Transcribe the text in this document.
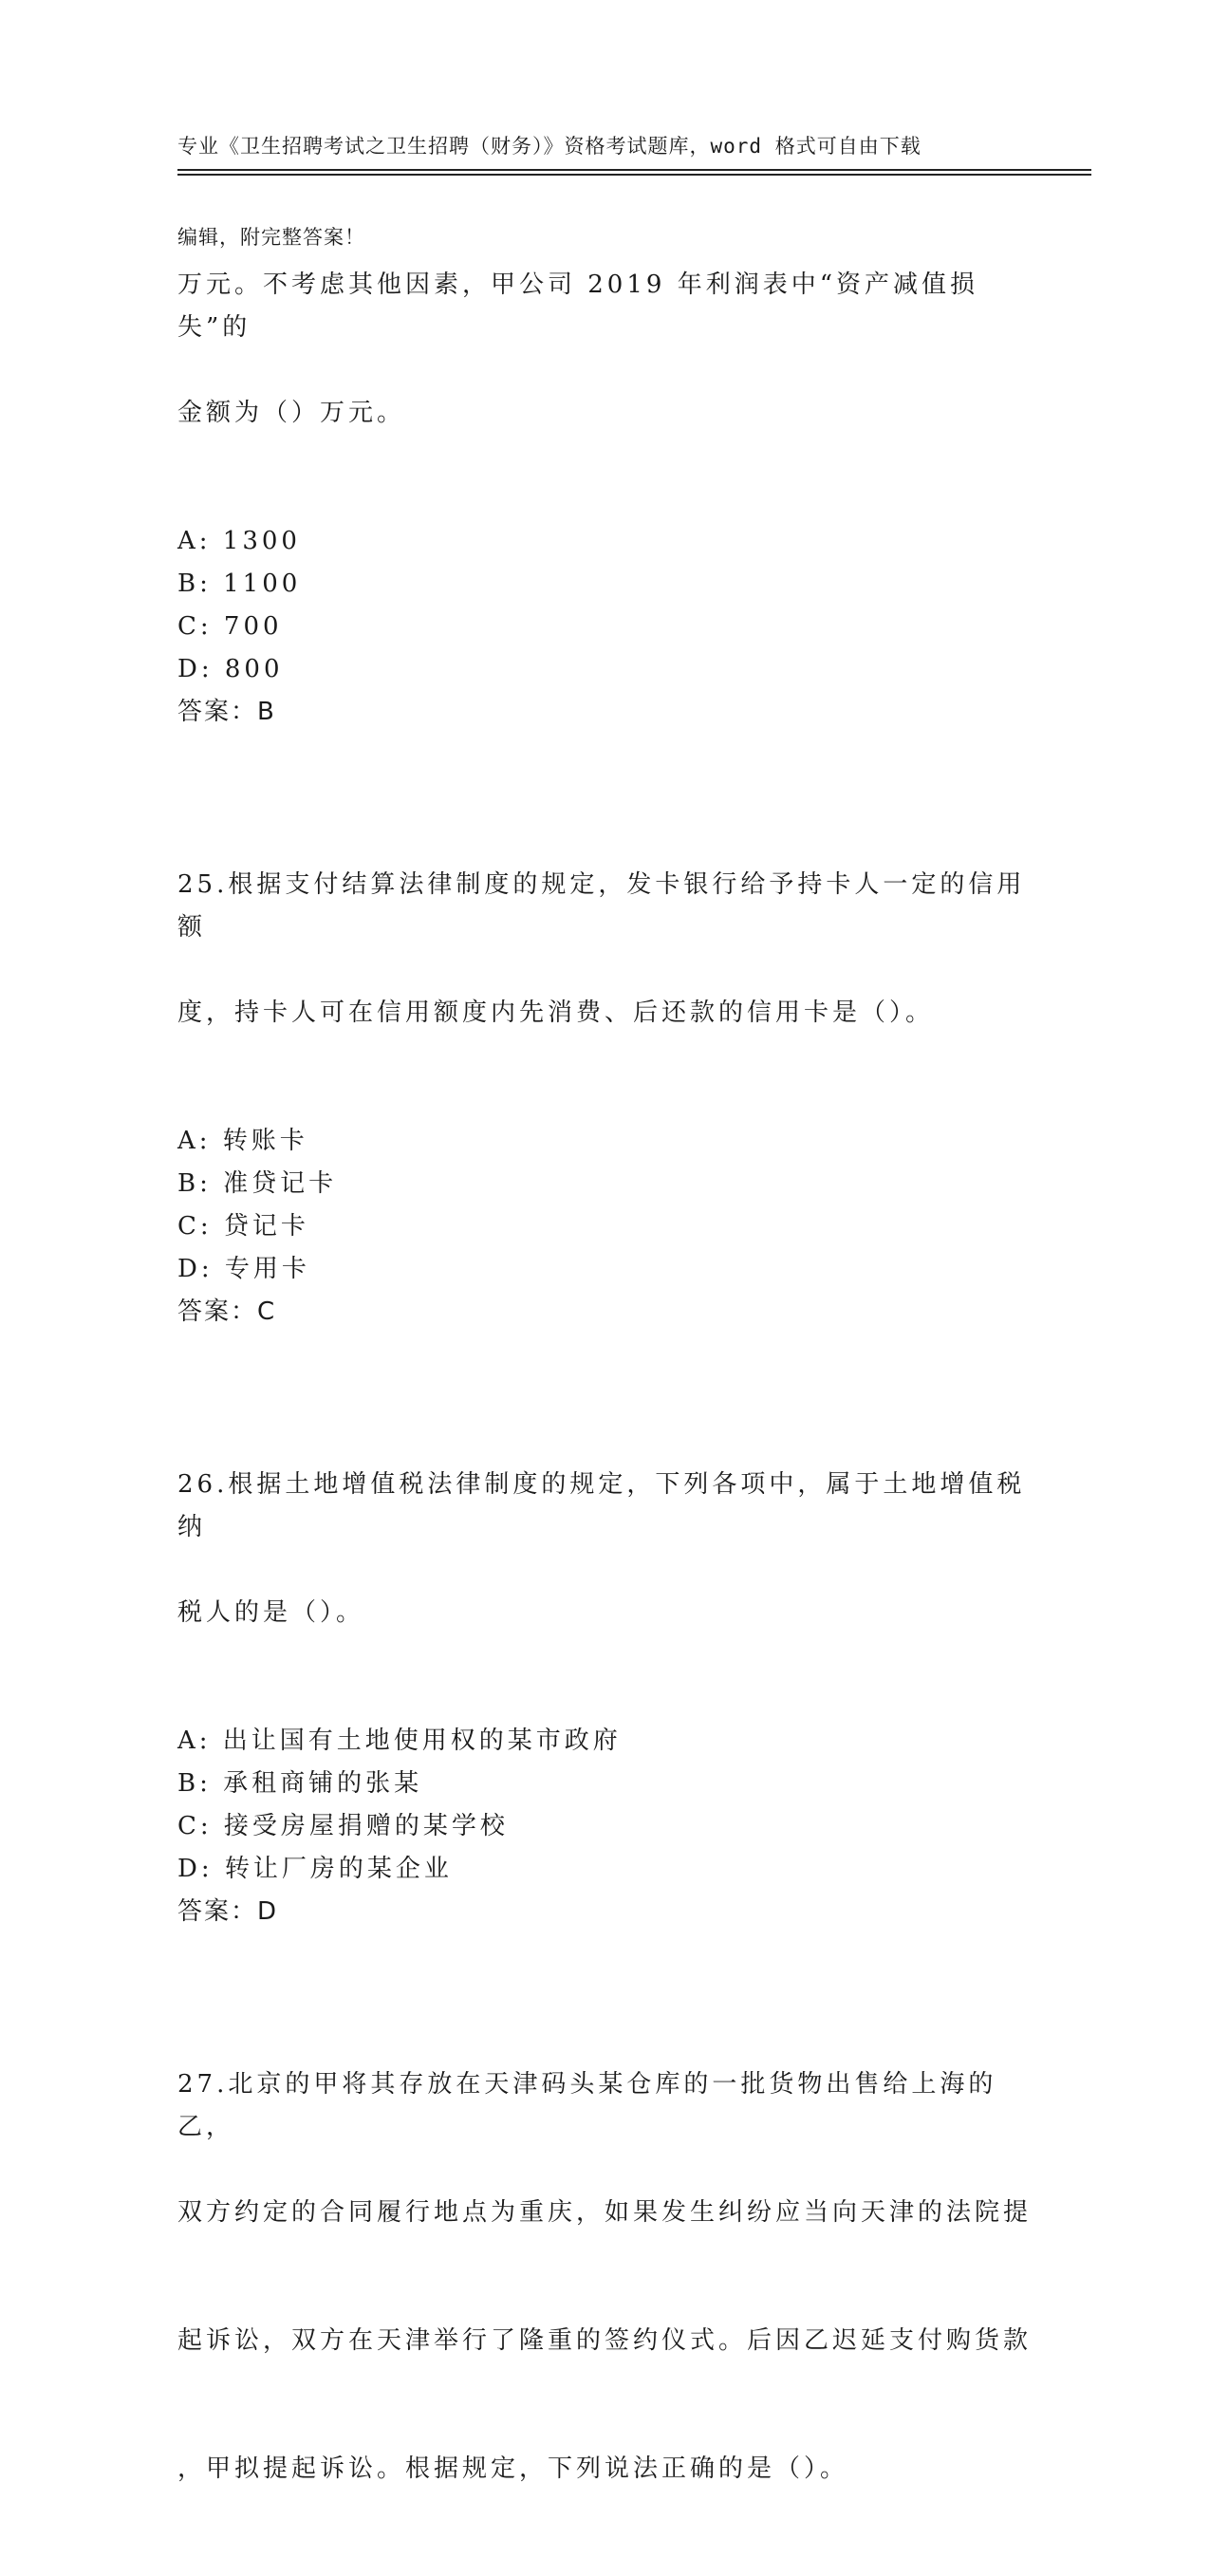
专业《卫生招聘考试之卫生招聘（财务）》资格考试题库，word 格式可自由下载

编辑，附完整答案！

万元。不考虑其他因素，甲公司 2019 年利润表中“资产减值损失”的

金额为（）万元。

A: 1300
B: 1100
C: 700
D: 800
答案：B

25.根据支付结算法律制度的规定，发卡银行给予持卡人一定的信用额

度，持卡人可在信用额度内先消费、后还款的信用卡是（）。

A: 转账卡
B: 准贷记卡
C: 贷记卡
D: 专用卡
答案：C

26.根据土地增值税法律制度的规定，下列各项中，属于土地增值税纳

税人的是（）。

A: 出让国有土地使用权的某市政府
B: 承租商铺的张某
C: 接受房屋捐赠的某学校
D: 转让厂房的某企业
答案：D

27.北京的甲将其存放在天津码头某仓库的一批货物出售给上海的乙，

双方约定的合同履行地点为重庆，如果发生纠纷应当向天津的法院提

起诉讼，双方在天津举行了隆重的签约仪式。后因乙迟延支付购货款

，甲拟提起诉讼。根据规定，下列说法正确的是（）。
